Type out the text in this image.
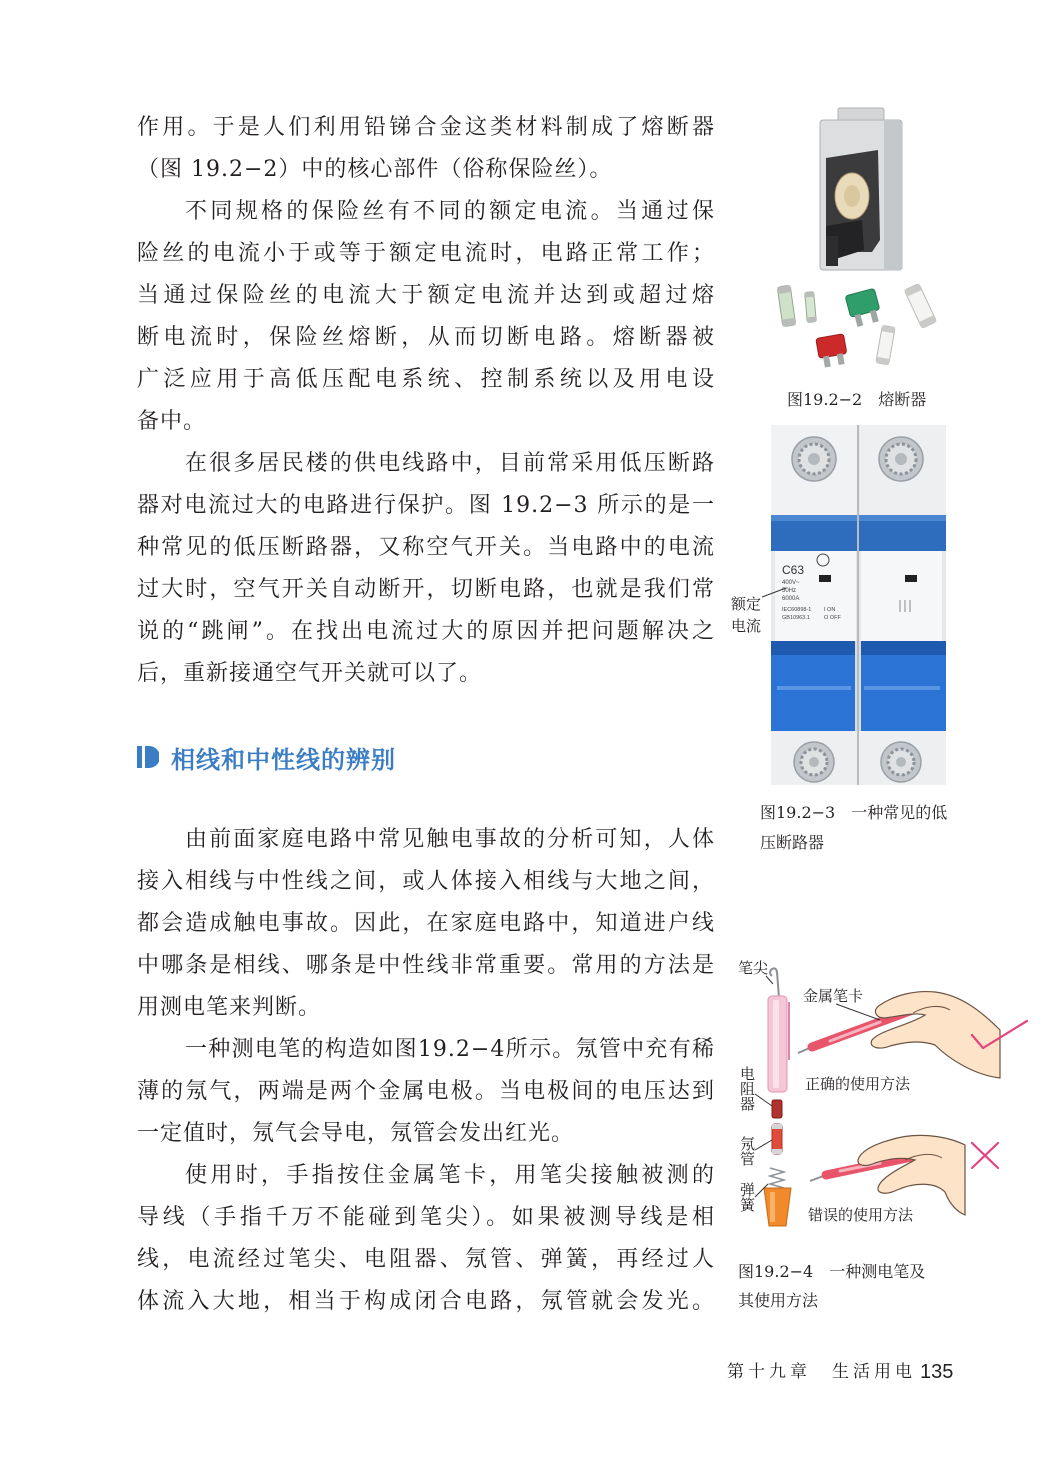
作用。于是人们利用铅锑合金这类材料制成了熔断器
（图 19.2−2）中的核心部件（俗称保险丝）。
不同规格的保险丝有不同的额定电流。当通过保
险丝的电流小于或等于额定电流时，电路正常工作；
当通过保险丝的电流大于额定电流并达到或超过熔
断电流时，保险丝熔断，从而切断电路。熔断器被
广泛应用于高低压配电系统、控制系统以及用电设
备中。
在很多居民楼的供电线路中，目前常采用低压断路
器对电流过大的电路进行保护。图 19.2−3 所示的是一
种常见的低压断路器，又称空气开关。当电路中的电流
过大时，空气开关自动断开，切断电路，也就是我们常
说的“跳闸”。在找出电流过大的原因并把问题解决之
后，重新接通空气开关就可以了。
相线和中性线的辨别
由前面家庭电路中常见触电事故的分析可知，人体
接入相线与中性线之间，或人体接入相线与大地之间，
都会造成触电事故。因此，在家庭电路中，知道进户线
中哪条是相线、哪条是中性线非常重要。常用的方法是
用测电笔来判断。
一种测电笔的构造如图19.2−4所示。氖管中充有稀
薄的氖气，两端是两个金属电极。当电极间的电压达到
一定值时，氖气会导电，氖管会发出红光。
使用时，手指按住金属笔卡，用笔尖接触被测的
导线（手指千万不能碰到笔尖）。如果被测导线是相
线，电流经过笔尖、电阻器、氖管、弹簧，再经过人
体流入大地，相当于构成闭合电路，氖管就会发光。
C63
400V~
50Hz
6000A
IEC60898-1
GB10963.1
I ON
O OFF
图19.2−2　熔断器
额定
电流
图19.2−3　一种常见的低
压断路器
笔尖
金属笔卡
电阻器
氖管
弹簧
正确的使用方法
错误的使用方法
图19.2−4　一种测电笔及
其使用方法
第十九章　生活用电 135
